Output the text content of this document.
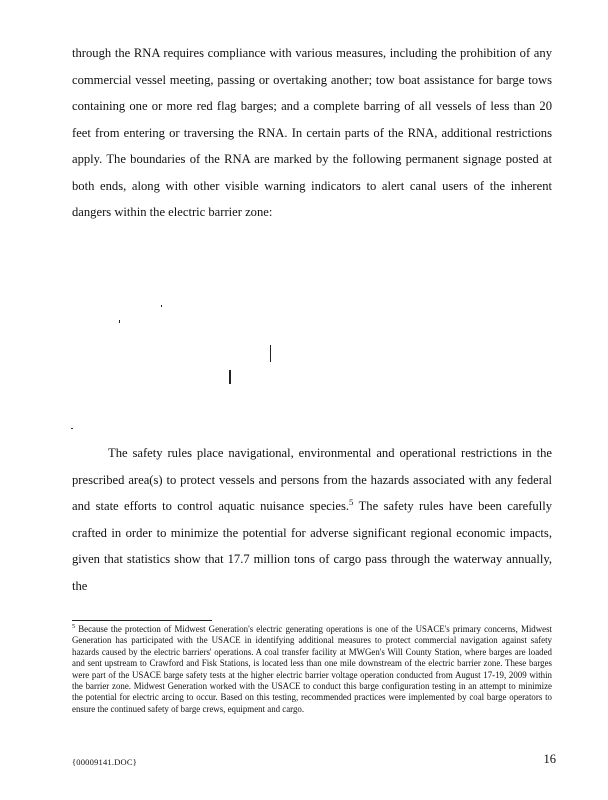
through the RNA requires compliance with various measures, including the prohibition of any commercial vessel meeting, passing or overtaking another; tow boat assistance for barge tows containing one or more red flag barges; and a complete barring of all vessels of less than 20 feet from entering or traversing the RNA. In certain parts of the RNA, additional restrictions apply. The boundaries of the RNA are marked by the following permanent signage posted at both ends, along with other visible warning indicators to alert canal users of the inherent dangers within the electric barrier zone:

The safety rules place navigational, environmental and operational restrictions in the prescribed area(s) to protect vessels and persons from the hazards associated with any federal and state efforts to control aquatic nuisance species.$^5$ The safety rules have been carefully crafted in order to minimize the potential for adverse significant regional economic impacts, given that statistics show that 17.7 million tons of cargo pass through the waterway annually, the

$^5$ Because the protection of Midwest Generation's electric generating operations is one of the USACE's primary concerns, Midwest Generation has participated with the USACE in identifying additional measures to protect commercial navigation against safety hazards caused by the electric barriers' operations. A coal transfer facility at MWGen's Will County Station, where barges are loaded and sent upstream to Crawford and Fisk Stations, is located less than one mile downstream of the electric barrier zone. These barges were part of the USACE barge safety tests at the higher electric barrier voltage operation conducted from August 17-19, 2009 within the barrier zone. Midwest Generation worked with the USACE to conduct this barge configuration testing in an attempt to minimize the potential for electric arcing to occur. Based on this testing, recommended practices were implemented by coal barge operators to ensure the continued safety of barge crews, equipment and cargo.

{00009141.DOC}	16
